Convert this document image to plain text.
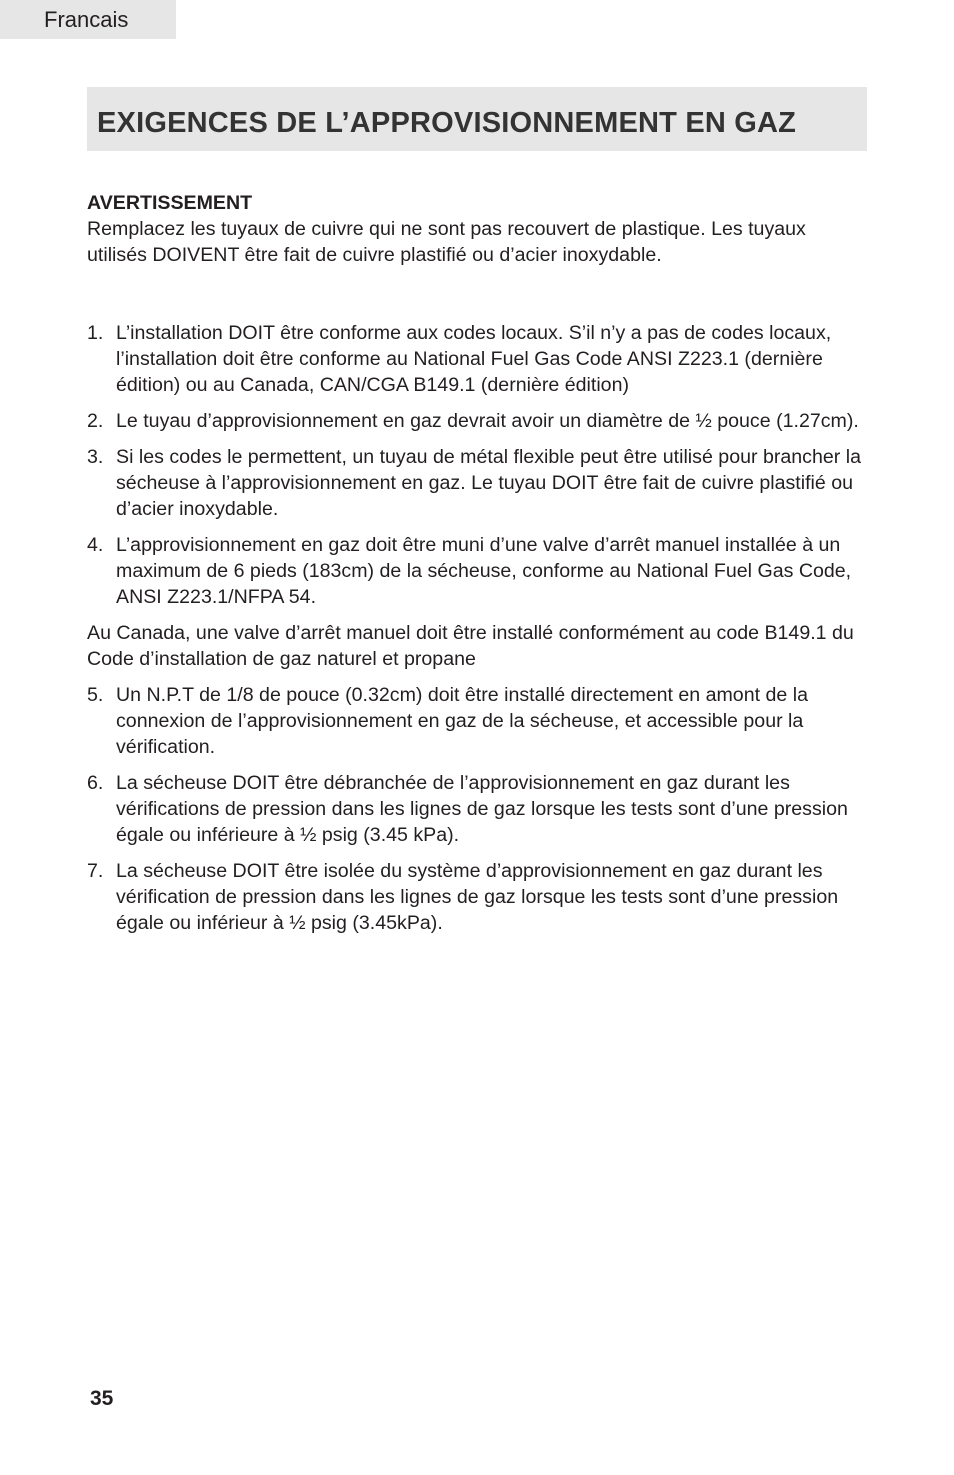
Francais
EXIGENCES DE L’APPROVISIONNEMENT EN GAZ

AVERTISSEMENT

Remplacez les tuyaux de cuivre qui ne sont pas recouvert de plastique. Les tuyaux utilisés DOIVENT être fait de cuivre plastifié ou d’acier inoxydable.

1. L’installation DOIT être conforme aux codes locaux. S’il n’y a pas de codes locaux, l’installation doit être conforme au National Fuel Gas Code ANSI Z223.1 (dernière édition) ou au Canada, CAN/CGA B149.1 (dernière édition)
2. Le tuyau d’approvisionnement en gaz devrait avoir un diamètre de ½ pouce (1.27cm).
3. Si les codes le permettent, un tuyau de métal flexible peut être utilisé pour brancher la sécheuse à l’approvisionnement en gaz. Le tuyau DOIT être fait de cuivre plastifié ou d’acier inoxydable.
4. L’approvisionnement en gaz doit être muni d’une valve d’arrêt manuel installée à un maximum de 6 pieds (183cm) de la sécheuse, conforme au National Fuel Gas Code, ANSI Z223.1/NFPA 54.

Au Canada, une valve d’arrêt manuel doit être installé conformément au code B149.1 du Code d’installation de gaz naturel et propane

5. Un N.P.T de 1/8 de pouce (0.32cm) doit être installé directement en amont de la connexion de l’approvisionnement en gaz de la sécheuse, et accessible pour la vérification.
6. La sécheuse DOIT être débranchée de l’approvisionnement en gaz durant les vérifications de pression dans les lignes de gaz lorsque les tests sont d’une pression égale ou inférieure à ½ psig (3.45 kPa).
7. La sécheuse DOIT être isolée du système d’approvisionnement en gaz durant les vérification de pression dans les lignes de gaz lorsque les tests sont d’une pression égale ou inférieur à ½ psig (3.45kPa).
35
